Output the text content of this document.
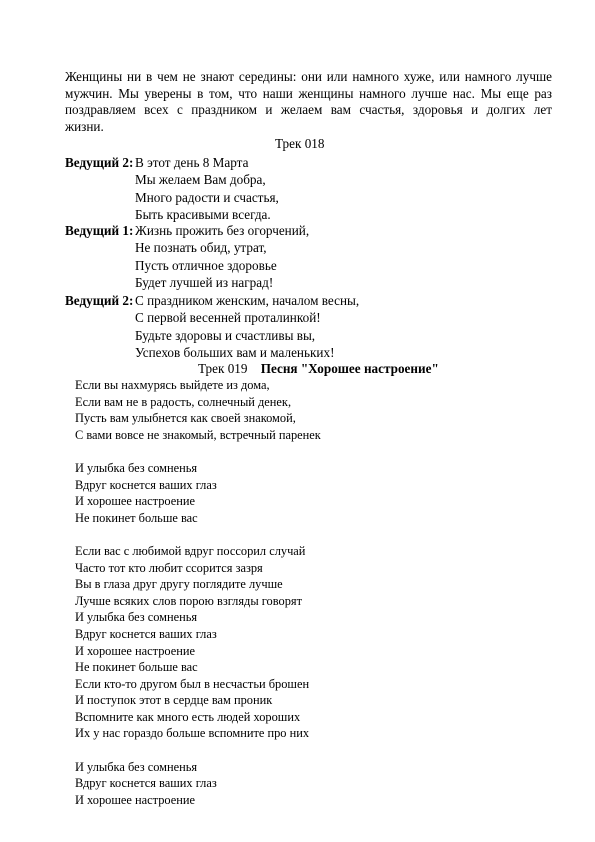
Женщины ни в чем не знают середины: они или намного хуже, или намного лучше
мужчин. Мы уверены в том, что наши женщины намного лучше нас. Мы еще раз
поздравляем всех с праздником и желаем вам счастья, здоровья и долгих лет
жизни.
Трек 018
Ведущий 2: В этот день 8 Марта
Мы желаем Вам добра,
Много радости и счастья,
Быть красивыми всегда.
Ведущий 1: Жизнь прожить без огорчений,
Не познать обид, утрат,
Пусть отличное здоровье
Будет лучшей из наград!
Ведущий 2: С праздником женским, началом весны,
С первой весенней проталинкой!
Будьте здоровы и счастливы вы,
Успехов больших вам и маленьких!
Трек 019 Песня "Хорошее настроение"
Если вы нахмурясь выйдете из дома,
Если вам не в радость, солнечный денек,
Пусть вам улыбнется как своей знакомой,
С вами вовсе не знакомый, встречный паренек
И улыбка без сомненья
Вдруг коснется ваших глаз
И хорошее настроение
Не покинет больше вас
Если вас с любимой вдруг поссорил случай
Часто тот кто любит ссорится зазря
Вы в глаза друг другу поглядите лучше
Лучше всяких слов порою взгляды говорят
И улыбка без сомненья
Вдруг коснется ваших глаз
И хорошее настроение
Не покинет больше вас
Если кто-то другом был в несчастьи брошен
И поступок этот в сердце вам проник
Вспомните как много есть людей хороших
Их у нас гораздо больше вспомните про них
И улыбка без сомненья
Вдруг коснется ваших глаз
И хорошее настроение
